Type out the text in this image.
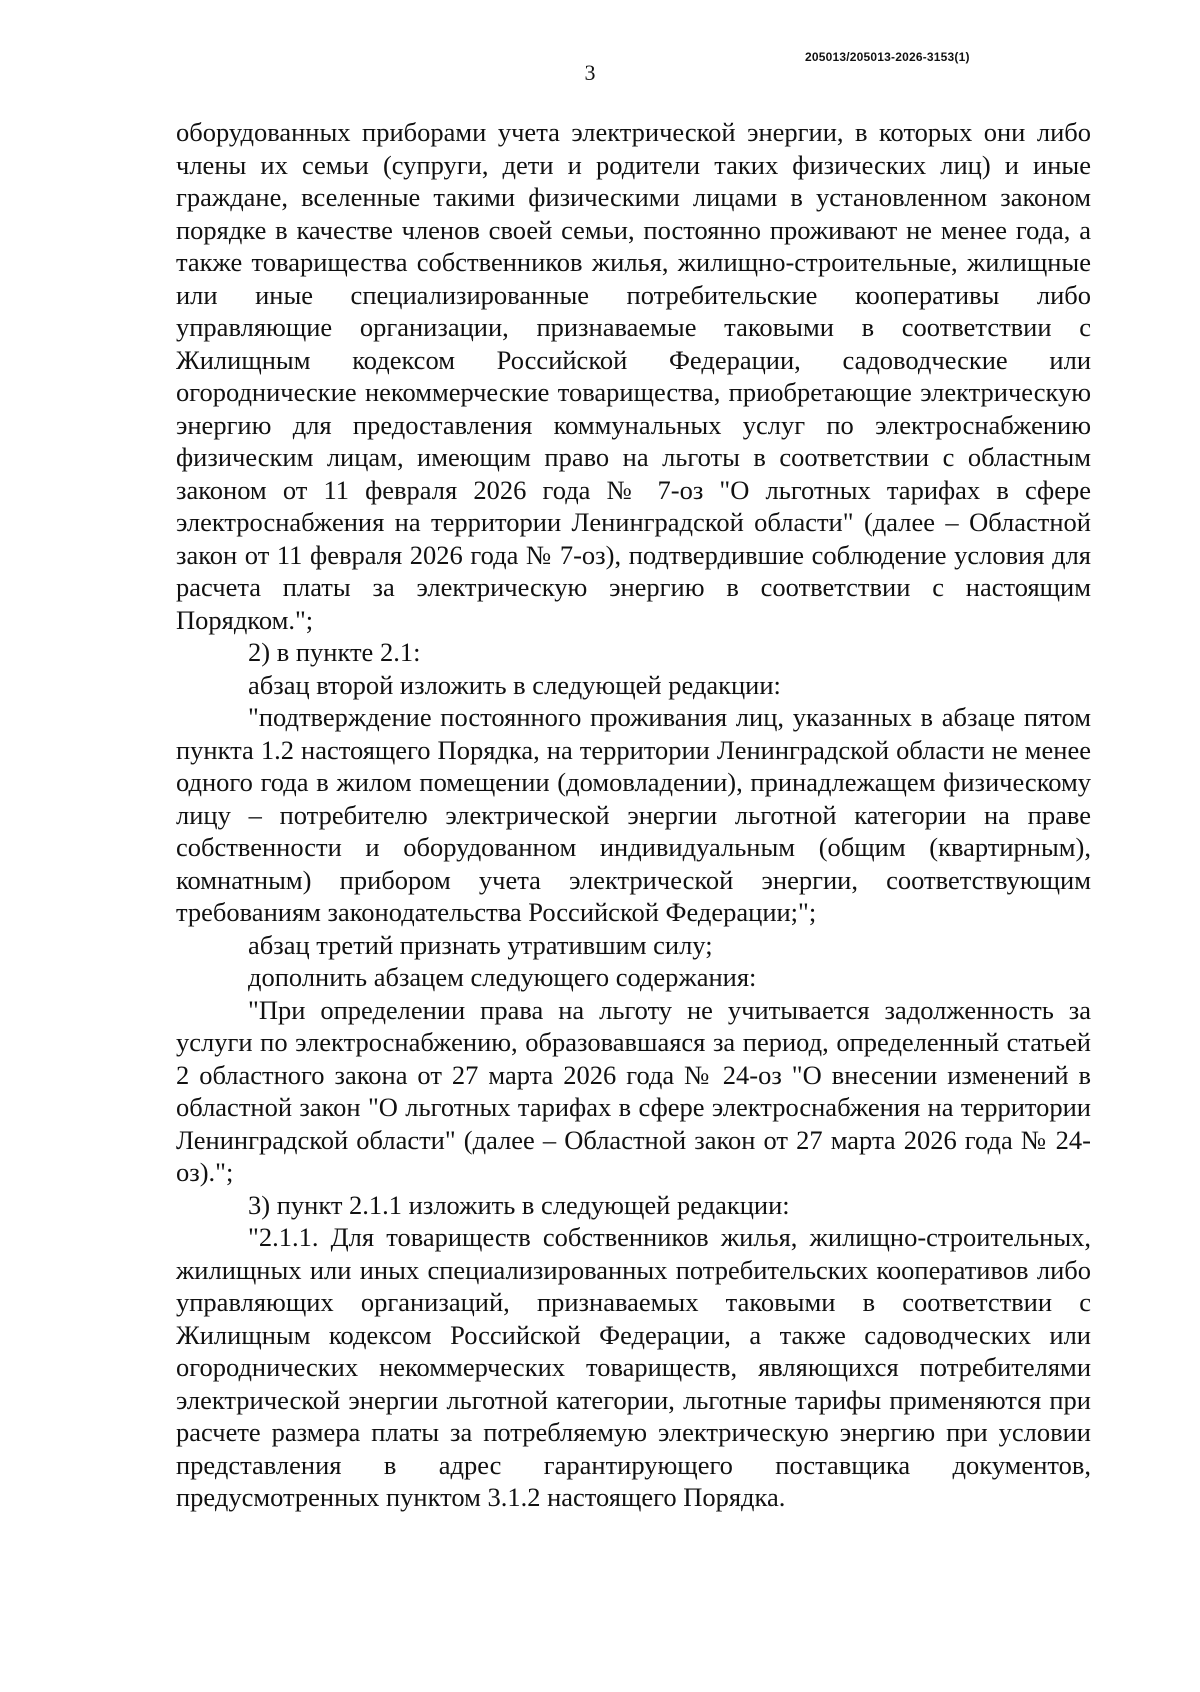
205013/205013-2026-3153(1)
3

оборудованных приборами учета электрической энергии, в которых они либо члены их семьи (супруги, дети и родители таких физических лиц) и иные граждане, вселенные такими физическими лицами в установленном законом порядке в качестве членов своей семьи, постоянно проживают не менее года, а также товарищества собственников жилья, жилищно-строительные, жилищные или иные специализированные потребительские кооперативы либо управляющие организации, признаваемые таковыми в соответствии с Жилищным кодексом Российской Федерации, садоводческие или огороднические некоммерческие товарищества, приобретающие электрическую энергию для предоставления коммунальных услуг по электроснабжению физическим лицам, имеющим право на льготы в соответствии с областным законом от 11 февраля 2026 года № 7-оз "О льготных тарифах в сфере электроснабжения на территории Ленинградской области" (далее – Областной закон от 11 февраля 2026 года № 7-оз), подтвердившие соблюдение условия для расчета платы за электрическую энергию в соответствии с настоящим Порядком.";

2) в пункте 2.1:

абзац второй изложить в следующей редакции:

"подтверждение постоянного проживания лиц, указанных в абзаце пятом пункта 1.2 настоящего Порядка, на территории Ленинградской области не менее одного года в жилом помещении (домовладении), принадлежащем физическому лицу – потребителю электрической энергии льготной категории на праве собственности и оборудованном индивидуальным (общим (квартирным), комнатным) прибором учета электрической энергии, соответствующим требованиям законодательства Российской Федерации;";

абзац третий признать утратившим силу;

дополнить абзацем следующего содержания:

"При определении права на льготу не учитывается задолженность за услуги по электроснабжению, образовавшаяся за период, определенный статьей 2 областного закона от 27 марта 2026 года № 24-оз "О внесении изменений в областной закон "О льготных тарифах в сфере электроснабжения на территории Ленинградской области" (далее – Областной закон от 27 марта 2026 года № 24-оз).";

3) пункт 2.1.1 изложить в следующей редакции:

"2.1.1. Для товариществ собственников жилья, жилищно-строительных, жилищных или иных специализированных потребительских кооперативов либо управляющих организаций, признаваемых таковыми в соответствии с Жилищным кодексом Российской Федерации, а также садоводческих или огороднических некоммерческих товариществ, являющихся потребителями электрической энергии льготной категории, льготные тарифы применяются при расчете размера платы за потребляемую электрическую энергию при условии представления в адрес гарантирующего поставщика документов, предусмотренных пунктом 3.1.2 настоящего Порядка.
